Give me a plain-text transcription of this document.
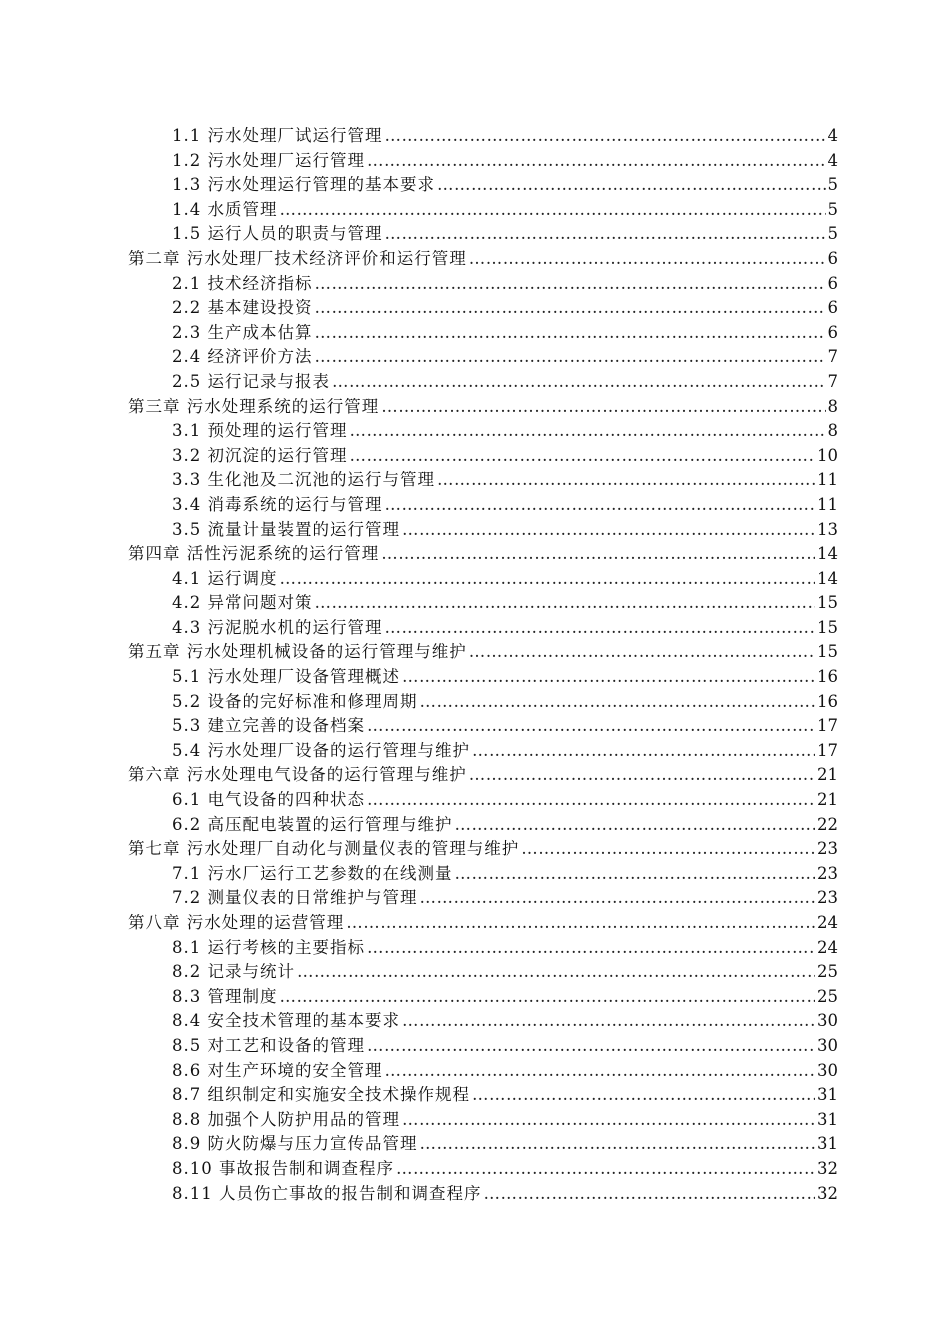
1.1 污水处理厂试运行管理 ………………………………………………………………………………………………………………………………………………………………………………	4
1.2 污水处理厂运行管理 ………………………………………………………………………………………………………………………………………………………………………………	4
1.3 污水处理运行管理的基本要求 ………………………………………………………………………………………………………………………………………………………………………………	5
1.4 水质管理 ………………………………………………………………………………………………………………………………………………………………………………	5
1.5 运行人员的职责与管理 ………………………………………………………………………………………………………………………………………………………………………………	5
第二章 污水处理厂技术经济评价和运行管理 ………………………………………………………………………………………………………………………………………………………………………………	6
2.1 技术经济指标 ………………………………………………………………………………………………………………………………………………………………………………	6
2.2 基本建设投资 ………………………………………………………………………………………………………………………………………………………………………………	6
2.3 生产成本估算 ………………………………………………………………………………………………………………………………………………………………………………	6
2.4 经济评价方法 ………………………………………………………………………………………………………………………………………………………………………………	7
2.5 运行记录与报表 ………………………………………………………………………………………………………………………………………………………………………………	7
第三章 污水处理系统的运行管理 ………………………………………………………………………………………………………………………………………………………………………………	8
3.1 预处理的运行管理 ………………………………………………………………………………………………………………………………………………………………………………	8
3.2 初沉淀的运行管理 ………………………………………………………………………………………………………………………………………………………………………………	10
3.3 生化池及二沉池的运行与管理 ………………………………………………………………………………………………………………………………………………………………………………	11
3.4 消毒系统的运行与管理 ………………………………………………………………………………………………………………………………………………………………………………	11
3.5 流量计量装置的运行管理 ………………………………………………………………………………………………………………………………………………………………………………	13
第四章 活性污泥系统的运行管理 ………………………………………………………………………………………………………………………………………………………………………………	14
4.1 运行调度 ………………………………………………………………………………………………………………………………………………………………………………	14
4.2 异常问题对策 ………………………………………………………………………………………………………………………………………………………………………………	15
4.3 污泥脱水机的运行管理 ………………………………………………………………………………………………………………………………………………………………………………	15
第五章 污水处理机械设备的运行管理与维护 ………………………………………………………………………………………………………………………………………………………………………………	15
5.1 污水处理厂设备管理概述 ………………………………………………………………………………………………………………………………………………………………………………	16
5.2 设备的完好标准和修理周期 ………………………………………………………………………………………………………………………………………………………………………………	16
5.3 建立完善的设备档案 ………………………………………………………………………………………………………………………………………………………………………………	17
5.4 污水处理厂设备的运行管理与维护 ………………………………………………………………………………………………………………………………………………………………………………	17
第六章 污水处理电气设备的运行管理与维护 ………………………………………………………………………………………………………………………………………………………………………………	21
6.1 电气设备的四种状态 ………………………………………………………………………………………………………………………………………………………………………………	21
6.2 高压配电装置的运行管理与维护 ………………………………………………………………………………………………………………………………………………………………………………	22
第七章 污水处理厂自动化与测量仪表的管理与维护 ………………………………………………………………………………………………………………………………………………………………………………	23
7.1 污水厂运行工艺参数的在线测量 ………………………………………………………………………………………………………………………………………………………………………………	23
7.2 测量仪表的日常维护与管理 ………………………………………………………………………………………………………………………………………………………………………………	23
第八章 污水处理的运营管理 ………………………………………………………………………………………………………………………………………………………………………………	24
8.1 运行考核的主要指标 ………………………………………………………………………………………………………………………………………………………………………………	24
8.2 记录与统计 ………………………………………………………………………………………………………………………………………………………………………………	25
8.3 管理制度 ………………………………………………………………………………………………………………………………………………………………………………	25
8.4 安全技术管理的基本要求 ………………………………………………………………………………………………………………………………………………………………………………	30
8.5 对工艺和设备的管理 ………………………………………………………………………………………………………………………………………………………………………………	30
8.6 对生产环境的安全管理 ………………………………………………………………………………………………………………………………………………………………………………	30
8.7 组织制定和实施安全技术操作规程 ………………………………………………………………………………………………………………………………………………………………………………	31
8.8 加强个人防护用品的管理 ………………………………………………………………………………………………………………………………………………………………………………	31
8.9 防火防爆与压力宣传品管理 ………………………………………………………………………………………………………………………………………………………………………………	31
8.10 事故报告制和调查程序 ………………………………………………………………………………………………………………………………………………………………………………	32
8.11 人员伤亡事故的报告制和调查程序 ………………………………………………………………………………………………………………………………………………………………………………	32
